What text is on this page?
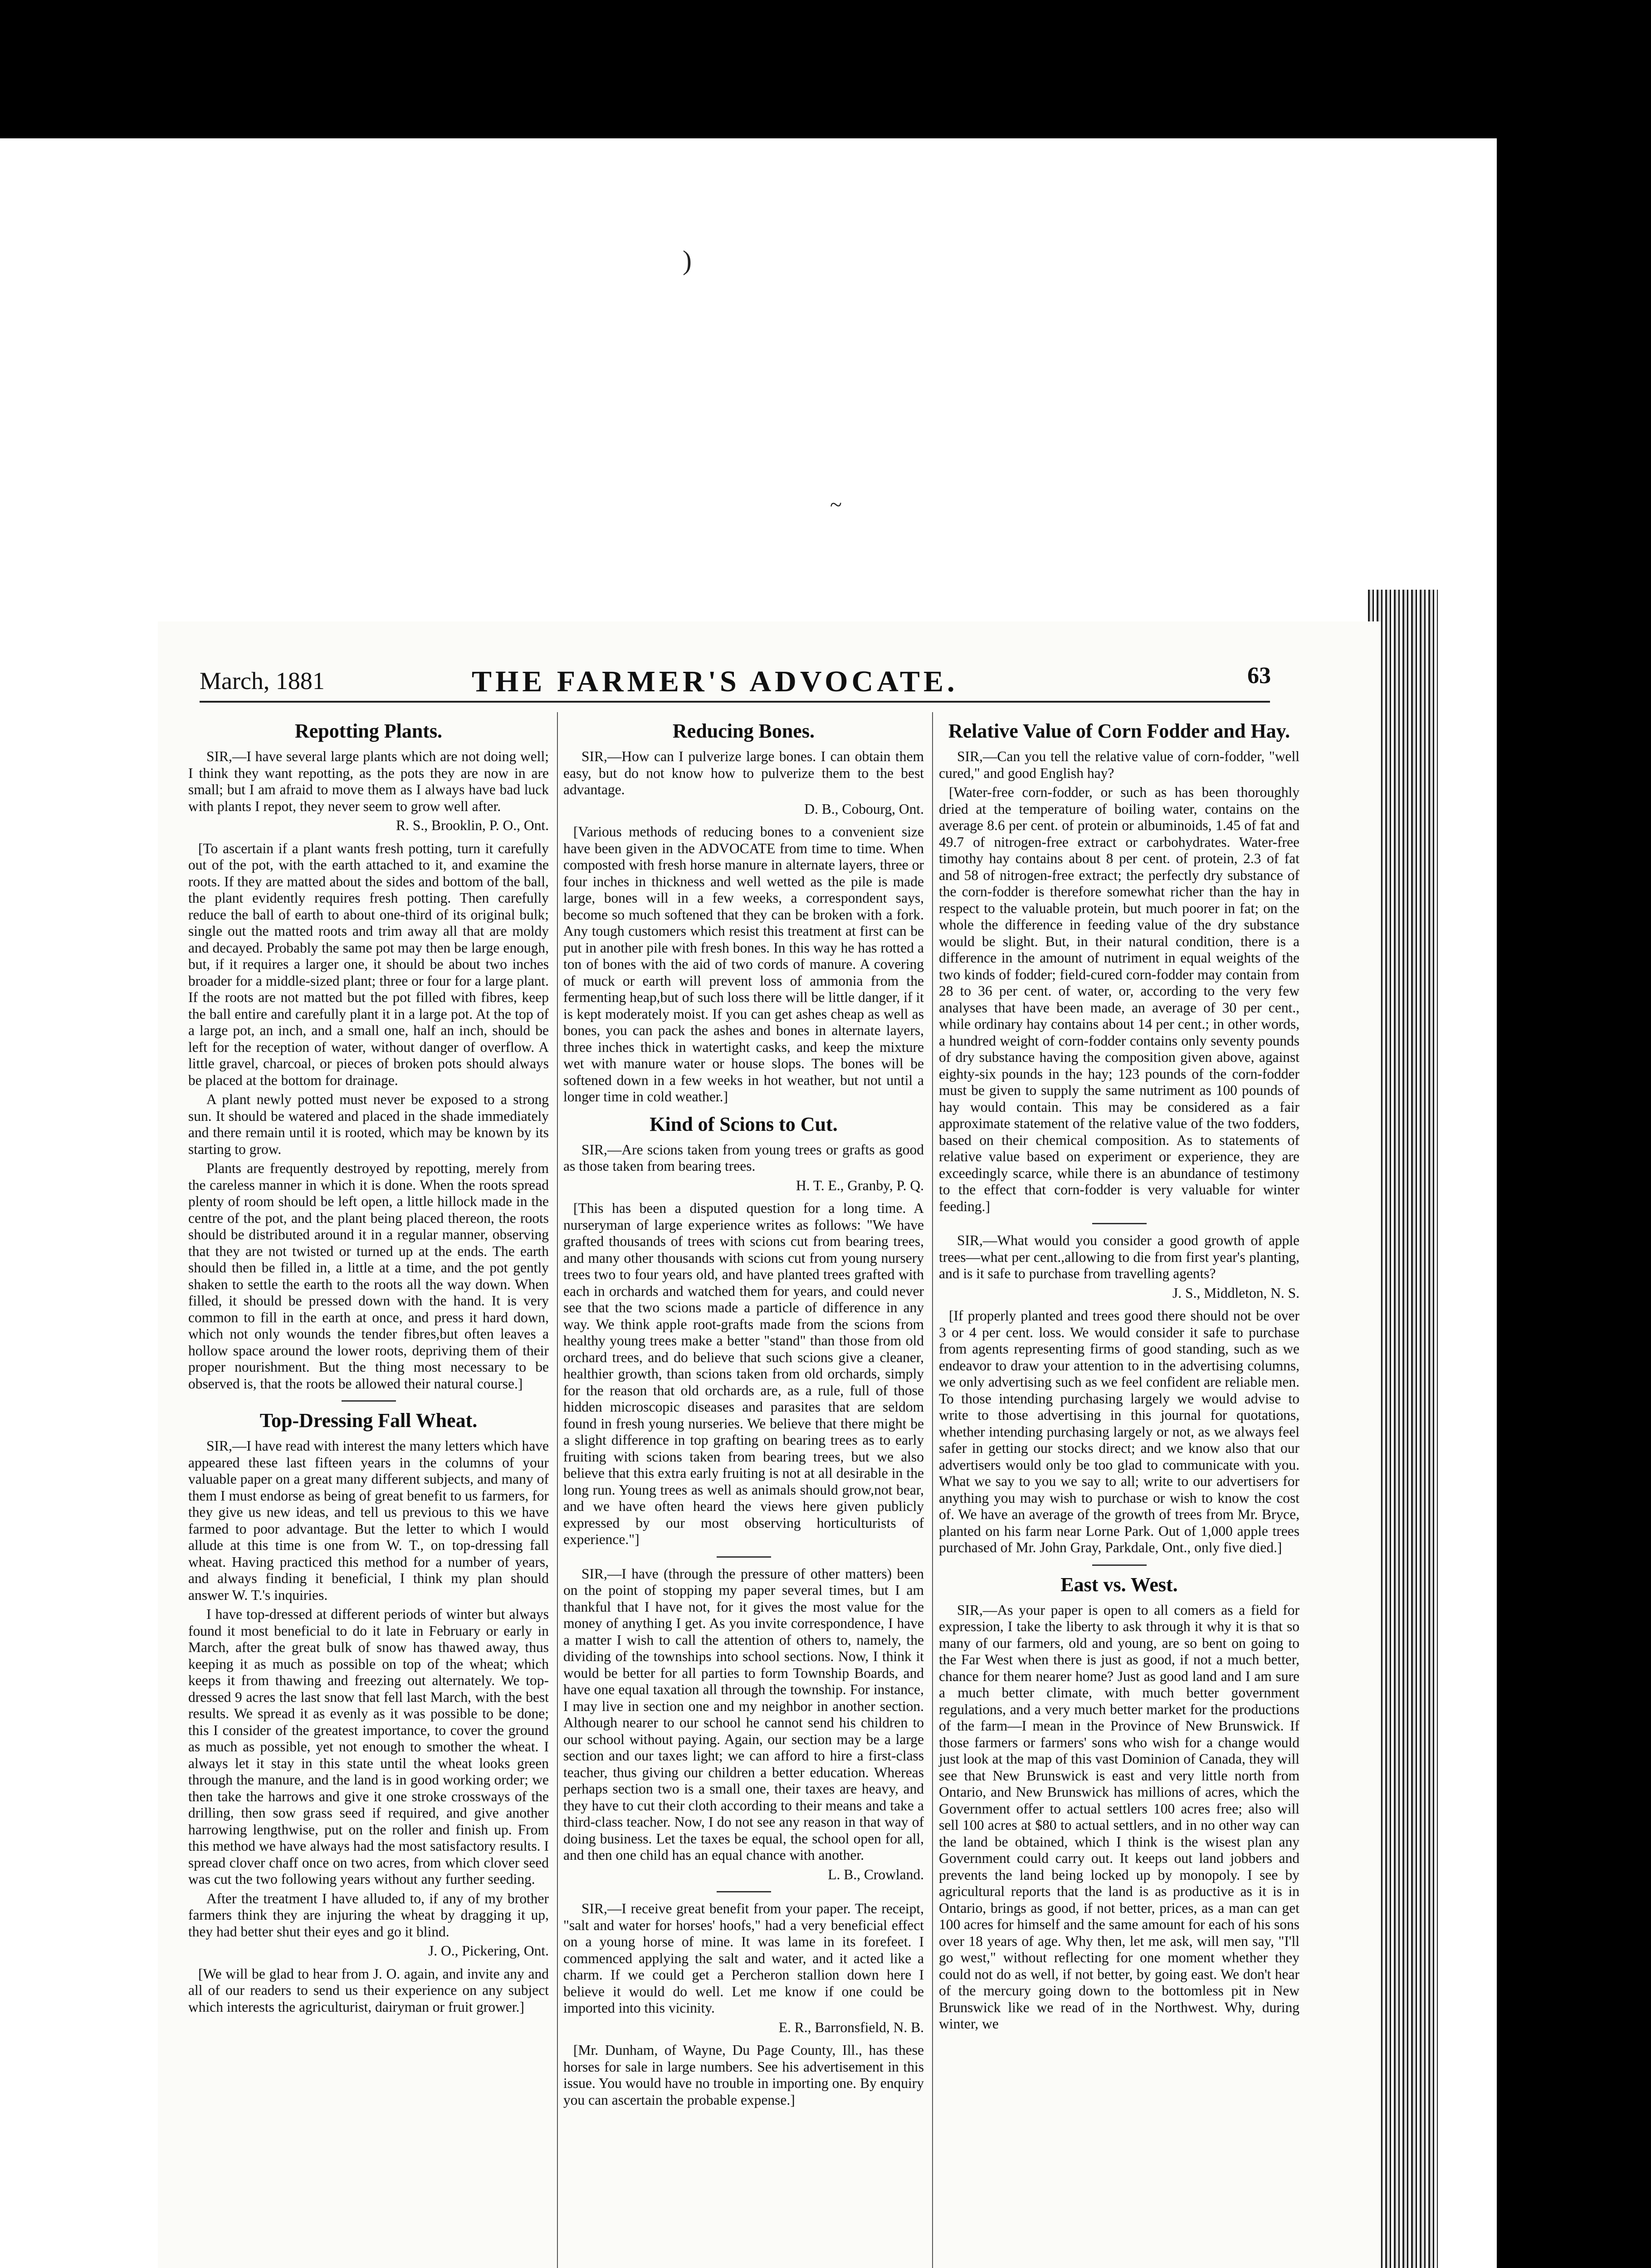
)
~
March, 1881	THE FARMER'S ADVOCATE.	63
Repotting Plants.

SIR,—I have several large plants which are not doing well; I think they want repotting, as the pots they are now in are small; but I am afraid to move them as I always have bad luck with plants I repot, they never seem to grow well after.

R. S., Brooklin, P. O., Ont.

[To ascertain if a plant wants fresh potting, turn it carefully out of the pot, with the earth attached to it, and examine the roots. If they are matted about the sides and bottom of the ball, the plant evidently requires fresh potting. Then carefully reduce the ball of earth to about one-third of its original bulk; single out the matted roots and trim away all that are moldy and decayed. Probably the same pot may then be large enough, but, if it requires a larger one, it should be about two inches broader for a middle-sized plant; three or four for a large plant. If the roots are not matted but the pot filled with fibres, keep the ball entire and carefully plant it in a large pot. At the top of a large pot, an inch, and a small one, half an inch, should be left for the reception of water, without danger of overflow. A little gravel, charcoal, or pieces of broken pots should always be placed at the bottom for drainage.

A plant newly potted must never be exposed to a strong sun. It should be watered and placed in the shade immediately and there remain until it is rooted, which may be known by its starting to grow.

Plants are frequently destroyed by repotting, merely from the careless manner in which it is done. When the roots spread plenty of room should be left open, a little hillock made in the centre of the pot, and the plant being placed thereon, the roots should be distributed around it in a regular manner, observing that they are not twisted or turned up at the ends. The earth should then be filled in, a little at a time, and the pot gently shaken to settle the earth to the roots all the way down. When filled, it should be pressed down with the hand. It is very common to fill in the earth at once, and press it hard down, which not only wounds the tender fibres,but often leaves a hollow space around the lower roots, depriving them of their proper nourishment. But the thing most necessary to be observed is, that the roots be allowed their natural course.]

Top-Dressing Fall Wheat.

SIR,—I have read with interest the many letters which have appeared these last fifteen years in the columns of your valuable paper on a great many different subjects, and many of them I must endorse as being of great benefit to us farmers, for they give us new ideas, and tell us previous to this we have farmed to poor advantage. But the letter to which I would allude at this time is one from W. T., on top-dressing fall wheat. Having practiced this method for a number of years, and always finding it beneficial, I think my plan should answer W. T.'s inquiries.

I have top-dressed at different periods of winter but always found it most beneficial to do it late in February or early in March, after the great bulk of snow has thawed away, thus keeping it as much as possible on top of the wheat; which keeps it from thawing and freezing out alternately. We top-dressed 9 acres the last snow that fell last March, with the best results. We spread it as evenly as it was possible to be done; this I consider of the greatest importance, to cover the ground as much as possible, yet not enough to smother the wheat. I always let it stay in this state until the wheat looks green through the manure, and the land is in good working order; we then take the harrows and give it one stroke crossways of the drilling, then sow grass seed if required, and give another harrowing lengthwise, put on the roller and finish up. From this method we have always had the most satisfactory results. I spread clover chaff once on two acres, from which clover seed was cut the two following years without any further seeding.

After the treatment I have alluded to, if any of my brother farmers think they are injuring the wheat by dragging it up, they had better shut their eyes and go it blind.

J. O., Pickering, Ont.

[We will be glad to hear from J. O. again, and invite any and all of our readers to send us their experience on any subject which interests the agriculturist, dairyman or fruit grower.]

Reducing Bones.

SIR,—How can I pulverize large bones. I can obtain them easy, but do not know how to pulverize them to the best advantage.

D. B., Cobourg, Ont.

[Various methods of reducing bones to a convenient size have been given in the ADVOCATE from time to time. When composted with fresh horse manure in alternate layers, three or four inches in thickness and well wetted as the pile is made large, bones will in a few weeks, a correspondent says, become so much softened that they can be broken with a fork. Any tough customers which resist this treatment at first can be put in another pile with fresh bones. In this way he has rotted a ton of bones with the aid of two cords of manure. A covering of muck or earth will prevent loss of ammonia from the fermenting heap,but of such loss there will be little danger, if it is kept moderately moist. If you can get ashes cheap as well as bones, you can pack the ashes and bones in alternate layers, three inches thick in watertight casks, and keep the mixture wet with manure water or house slops. The bones will be softened down in a few weeks in hot weather, but not until a longer time in cold weather.]

Kind of Scions to Cut.

SIR,—Are scions taken from young trees or grafts as good as those taken from bearing trees.

H. T. E., Granby, P. Q.

[This has been a disputed question for a long time. A nurseryman of large experience writes as follows: "We have grafted thousands of trees with scions cut from bearing trees, and many other thousands with scions cut from young nursery trees two to four years old, and have planted trees grafted with each in orchards and watched them for years, and could never see that the two scions made a particle of difference in any way. We think apple root-grafts made from the scions from healthy young trees make a better "stand" than those from old orchard trees, and do believe that such scions give a cleaner, healthier growth, than scions taken from old orchards, simply for the reason that old orchards are, as a rule, full of those hidden microscopic diseases and parasites that are seldom found in fresh young nurseries. We believe that there might be a slight difference in top grafting on bearing trees as to early fruiting with scions taken from bearing trees, but we also believe that this extra early fruiting is not at all desirable in the long run. Young trees as well as animals should grow,not bear, and we have often heard the views here given publicly expressed by our most observing horticulturists of experience."]

SIR,—I have (through the pressure of other matters) been on the point of stopping my paper several times, but I am thankful that I have not, for it gives the most value for the money of anything I get. As you invite correspondence, I have a matter I wish to call the attention of others to, namely, the dividing of the townships into school sections. Now, I think it would be better for all parties to form Township Boards, and have one equal taxation all through the township. For instance, I may live in section one and my neighbor in another section. Although nearer to our school he cannot send his children to our school without paying. Again, our section may be a large section and our taxes light; we can afford to hire a first-class teacher, thus giving our children a better education. Whereas perhaps section two is a small one, their taxes are heavy, and they have to cut their cloth according to their means and take a third-class teacher. Now, I do not see any reason in that way of doing business. Let the taxes be equal, the school open for all, and then one child has an equal chance with another.

L. B., Crowland.

SIR,—I receive great benefit from your paper. The receipt, "salt and water for horses' hoofs," had a very beneficial effect on a young horse of mine. It was lame in its forefeet. I commenced applying the salt and water, and it acted like a charm. If we could get a Percheron stallion down here I believe it would do well. Let me know if one could be imported into this vicinity.

E. R., Barronsfield, N. B.

[Mr. Dunham, of Wayne, Du Page County, Ill., has these horses for sale in large numbers. See his advertisement in this issue. You would have no trouble in importing one. By enquiry you can ascertain the probable expense.]

Relative Value of Corn Fodder and Hay.

SIR,—Can you tell the relative value of corn-fodder, "well cured," and good English hay?

[Water-free corn-fodder, or such as has been thoroughly dried at the temperature of boiling water, contains on the average 8.6 per cent. of protein or albuminoids, 1.45 of fat and 49.7 of nitrogen-free extract or carbohydrates. Water-free timothy hay contains about 8 per cent. of protein, 2.3 of fat and 58 of nitrogen-free extract; the perfectly dry substance of the corn-fodder is therefore somewhat richer than the hay in respect to the valuable protein, but much poorer in fat; on the whole the difference in feeding value of the dry substance would be slight. But, in their natural condition, there is a difference in the amount of nutriment in equal weights of the two kinds of fodder; field-cured corn-fodder may contain from 28 to 36 per cent. of water, or, according to the very few analyses that have been made, an average of 30 per cent., while ordinary hay contains about 14 per cent.; in other words, a hundred weight of corn-fodder contains only seventy pounds of dry substance having the composition given above, against eighty-six pounds in the hay; 123 pounds of the corn-fodder must be given to supply the same nutriment as 100 pounds of hay would contain. This may be considered as a fair approximate statement of the relative value of the two fodders, based on their chemical composition. As to statements of relative value based on experiment or experience, they are exceedingly scarce, while there is an abundance of testimony to the effect that corn-fodder is very valuable for winter feeding.]

SIR,—What would you consider a good growth of apple trees—what per cent.,allowing to die from first year's planting, and is it safe to purchase from travelling agents?

J. S., Middleton, N. S.

[If properly planted and trees good there should not be over 3 or 4 per cent. loss. We would consider it safe to purchase from agents representing firms of good standing, such as we endeavor to draw your attention to in the advertising columns, we only advertising such as we feel confident are reliable men. To those intending purchasing largely we would advise to write to those advertising in this journal for quotations, whether intending purchasing largely or not, as we always feel safer in getting our stocks direct; and we know also that our advertisers would only be too glad to communicate with you. What we say to you we say to all; write to our advertisers for anything you may wish to purchase or wish to know the cost of. We have an average of the growth of trees from Mr. Bryce, planted on his farm near Lorne Park. Out of 1,000 apple trees purchased of Mr. John Gray, Parkdale, Ont., only five died.]

East vs. West.

SIR,—As your paper is open to all comers as a field for expression, I take the liberty to ask through it why it is that so many of our farmers, old and young, are so bent on going to the Far West when there is just as good, if not a much better, chance for them nearer home? Just as good land and I am sure a much better climate, with much better government regulations, and a very much better market for the productions of the farm—I mean in the Province of New Brunswick. If those farmers or farmers' sons who wish for a change would just look at the map of this vast Dominion of Canada, they will see that New Brunswick is east and very little north from Ontario, and New Brunswick has millions of acres, which the Government offer to actual settlers 100 acres free; also will sell 100 acres at $80 to actual settlers, and in no other way can the land be obtained, which I think is the wisest plan any Government could carry out. It keeps out land jobbers and prevents the land being locked up by monopoly. I see by agricultural reports that the land is as productive as it is in Ontario, brings as good, if not better, prices, as a man can get 100 acres for himself and the same amount for each of his sons over 18 years of age. Why then, let me ask, will men say, "I'll go west," without reflecting for one moment whether they could not do as well, if not better, by going east. We don't hear of the mercury going down to the bottomless pit in New Brunswick like we read of in the Northwest. Why, during winter, we
